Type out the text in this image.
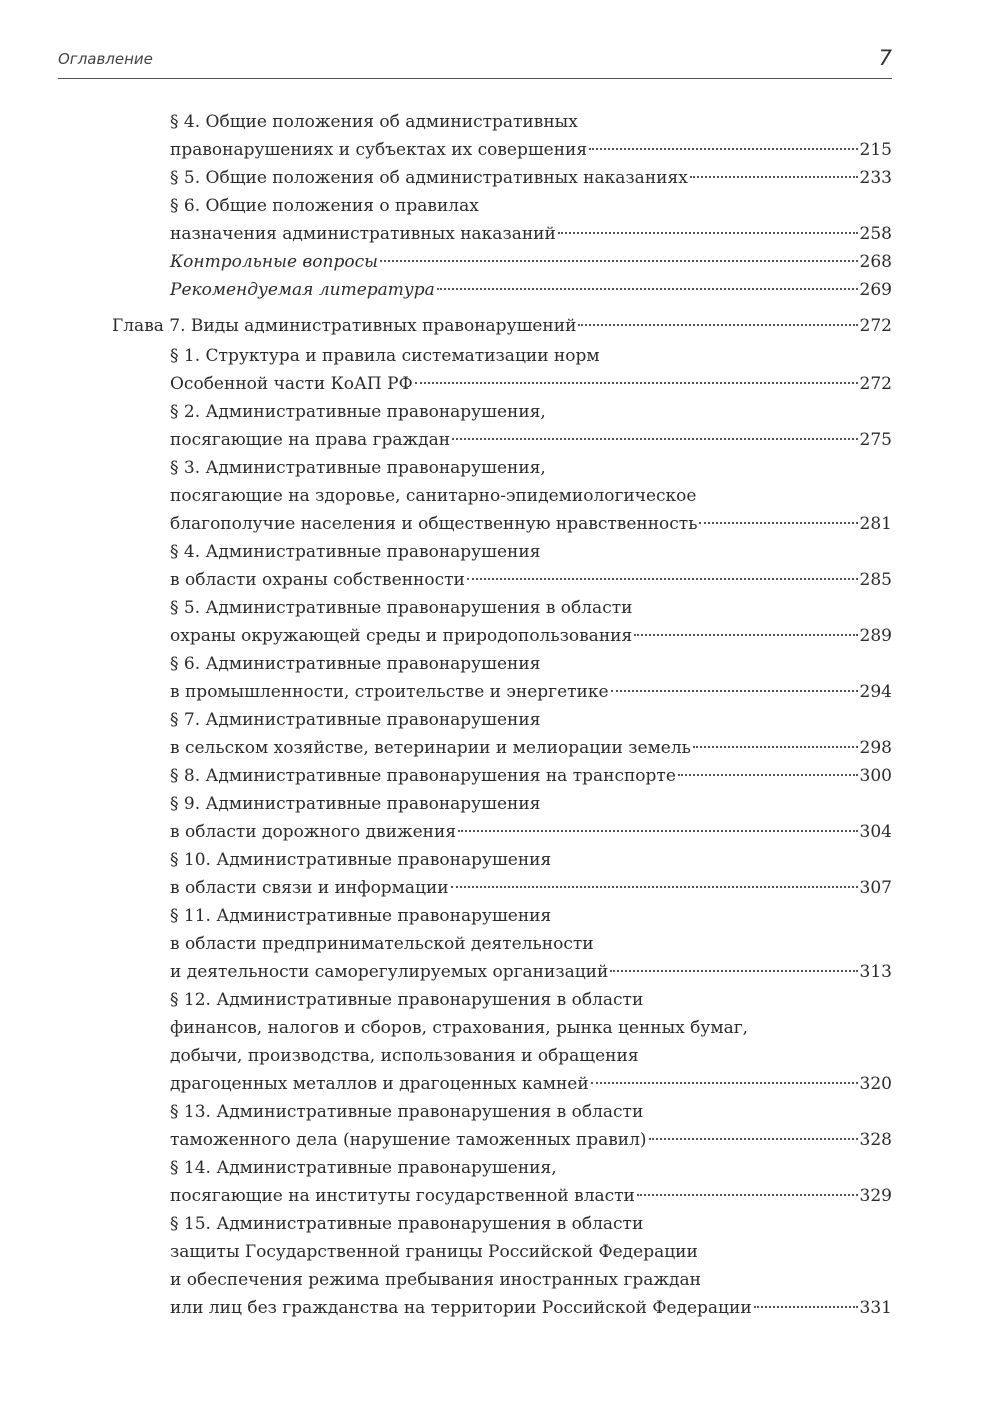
Оглавление	7
§ 4. Общие положения об административных
правонарушениях и субъектах их совершения	215
§ 5. Общие положения об административных наказаниях	233
§ 6. Общие положения о правилах
назначения административных наказаний	258
Контрольные вопросы	268
Рекомендуемая литература	269
Глава 7. Виды административных правонарушений	272
§ 1. Структура и правила систематизации норм
Особенной части КоАП РФ	272
§ 2. Административные правонарушения,
посягающие на права граждан	275
§ 3. Административные правонарушения,
посягающие на здоровье, санитарно-эпидемиологическое
благополучие населения и общественную нравственность	281
§ 4. Административные правонарушения
в области охраны собственности	285
§ 5. Административные правонарушения в области
охраны окружающей среды и природопользования	289
§ 6. Административные правонарушения
в промышленности, строительстве и энергетике	294
§ 7. Административные правонарушения
в сельском хозяйстве, ветеринарии и мелиорации земель	298
§ 8. Административные правонарушения на транспорте	300
§ 9. Административные правонарушения
в области дорожного движения	304
§ 10. Административные правонарушения
в области связи и информации	307
§ 11. Административные правонарушения
в области предпринимательской деятельности
и деятельности саморегулируемых организаций	313
§ 12. Административные правонарушения в области
финансов, налогов и сборов, страхования, рынка ценных бумаг,
добычи, производства, использования и обращения
драгоценных металлов и драгоценных камней	320
§ 13. Административные правонарушения в области
таможенного дела (нарушение таможенных правил)	328
§ 14. Административные правонарушения,
посягающие на институты государственной власти	329
§ 15. Административные правонарушения в области
защиты Государственной границы Российской Федерации
и обеспечения режима пребывания иностранных граждан
или лиц без гражданства на территории Российской Федерации	331
